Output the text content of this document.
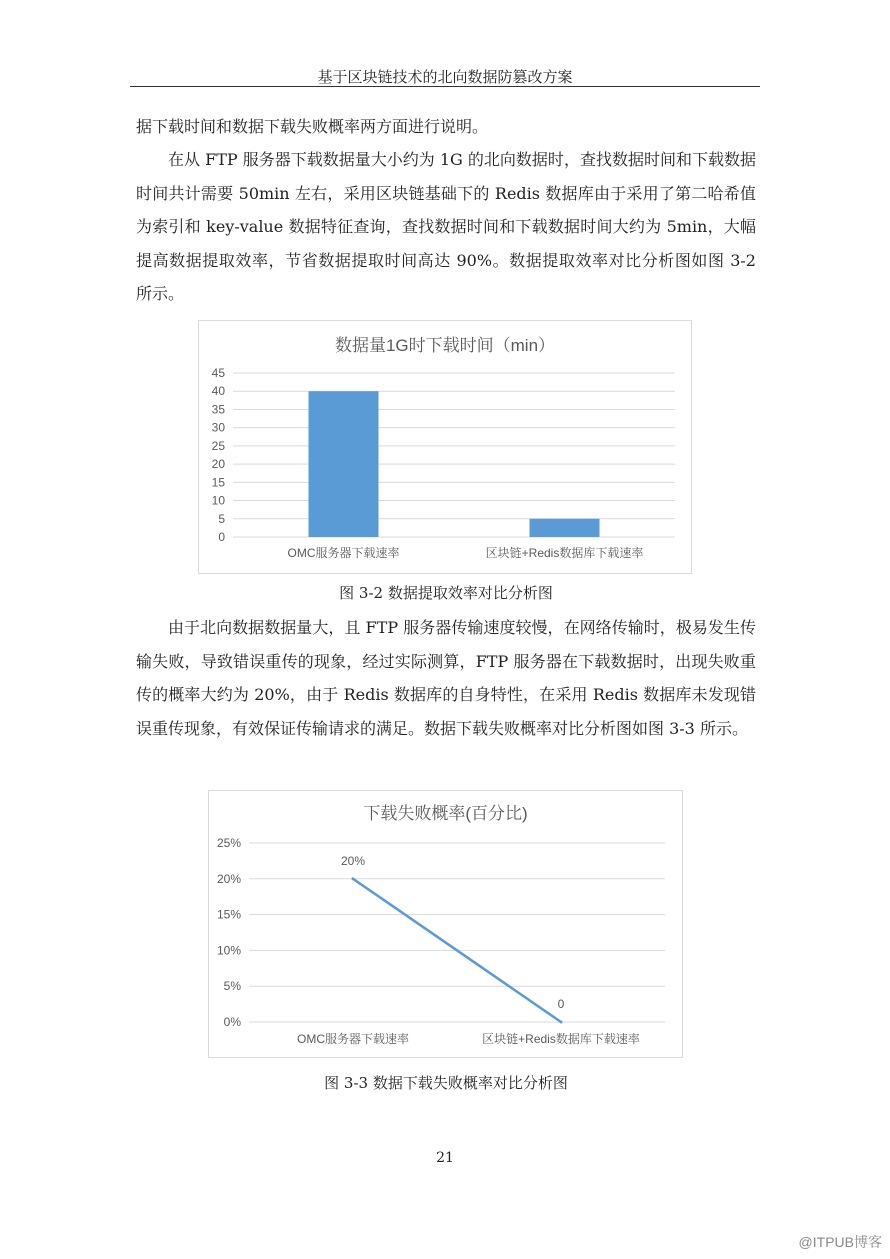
基于区块链技术的北向数据防篡改方案

据下载时间和数据下载失败概率两方面进行说明。

在从 FTP 服务器下载数据量大小约为 1G 的北向数据时，查找数据时间和下载数据时间共计需要 50min 左右，采用区块链基础下的 Redis 数据库由于采用了第二哈希值为索引和 key-value 数据特征查询，查找数据时间和下载数据时间大约为 5min，大幅提高数据提取效率，节省数据提取时间高达 90%。数据提取效率对比分析图如图 3-2 所示。

数据量1G时下载时间（min）
0
5
10
15
20
25
30
35
40
45
OMC服务器下载速率	区块链+Redis数据库下载速率
图 3-2 数据提取效率对比分析图

由于北向数据数据量大，且 FTP 服务器传输速度较慢，在网络传输时，极易发生传输失败，导致错误重传的现象，经过实际测算，FTP 服务器在下载数据时，出现失败重传的概率大约为 20%，由于 Redis 数据库的自身特性，在采用 Redis 数据库未发现错误重传现象，有效保证传输请求的满足。数据下载失败概率对比分析图如图 3-3 所示。

下载失败概率(百分比)
0%
5%
10%
15%
20%
25%
OMC服务器下载速率	区块链+Redis数据库下载速率
20%
0
图 3-3 数据下载失败概率对比分析图
21
@ITPUB博客
